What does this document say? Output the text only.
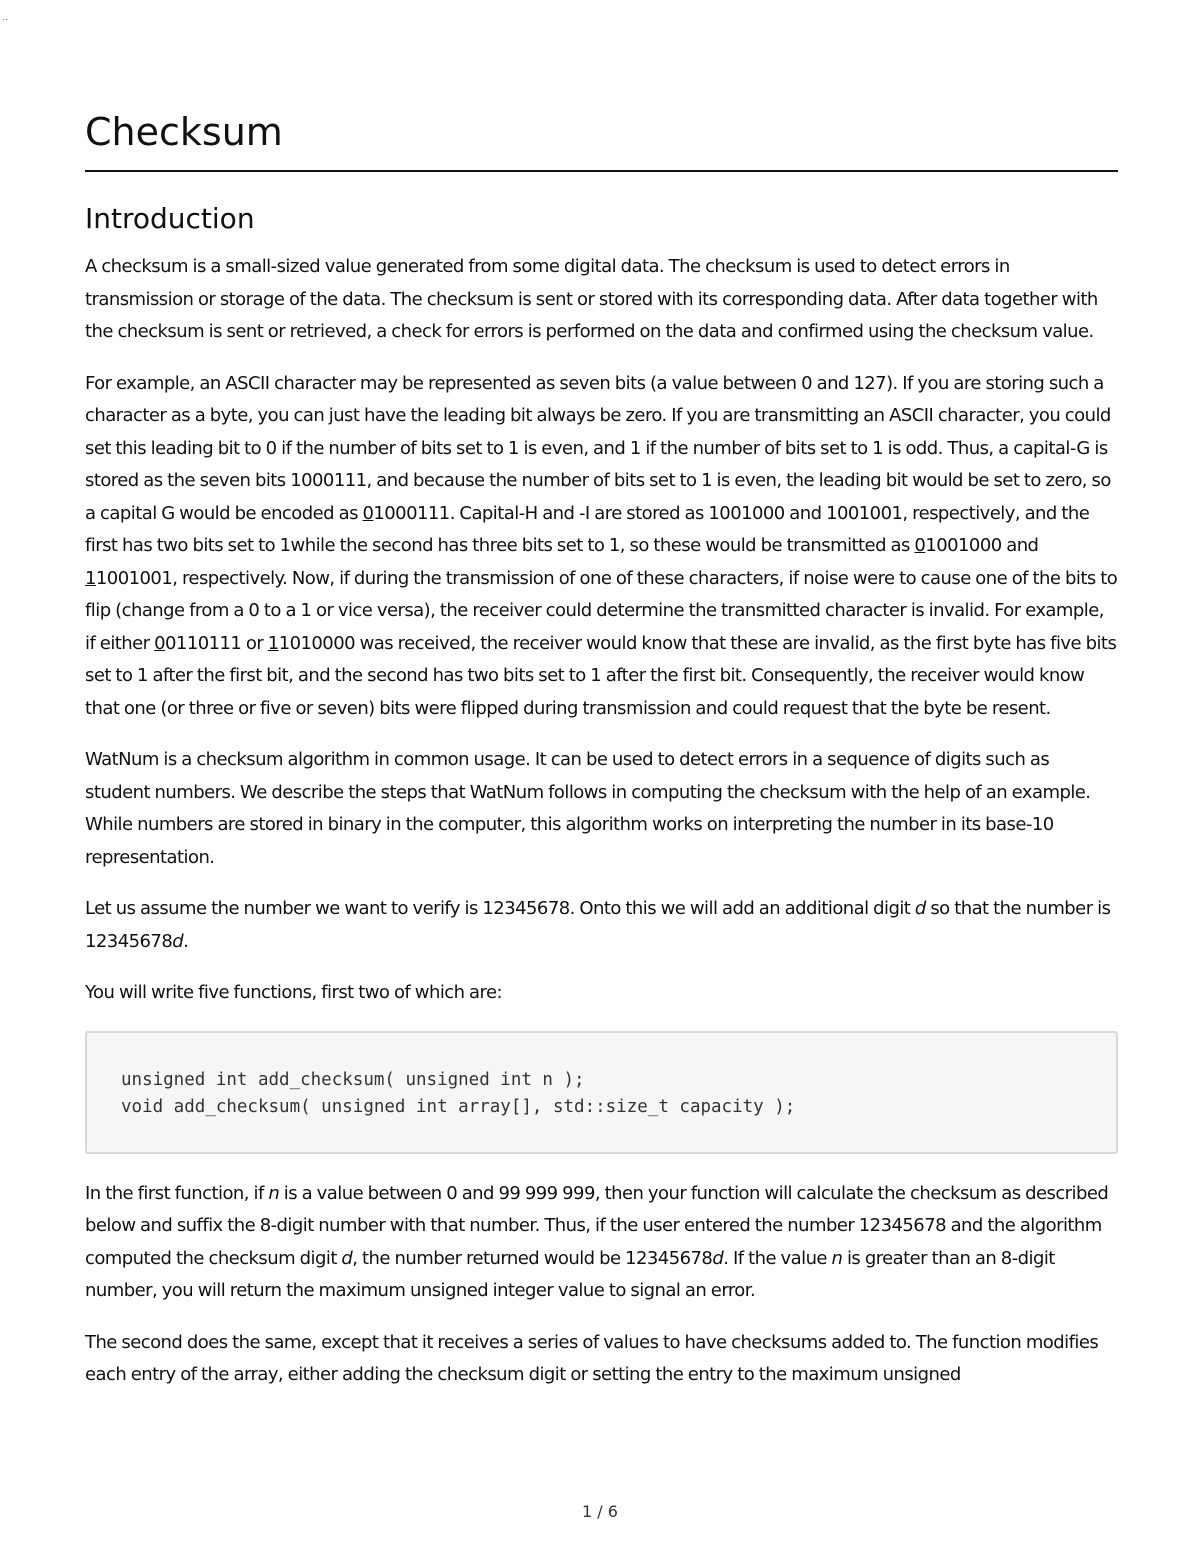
..
Checksum
Introduction

A checksum is a small-sized value generated from some digital data. The checksum is used to detect errors in transmission or storage of the data. The checksum is sent or stored with its corresponding data. After data together with the checksum is sent or retrieved, a check for errors is performed on the data and confirmed using the checksum value.

For example, an ASCII character may be represented as seven bits (a value between 0 and 127). If you are storing such a character as a byte, you can just have the leading bit always be zero. If you are transmitting an ASCII character, you could set this leading bit to 0 if the number of bits set to 1 is even, and 1 if the number of bits set to 1 is odd. Thus, a capital-G is stored as the seven bits 1000111, and because the number of bits set to 1 is even, the leading bit would be set to zero, so a capital G would be encoded as 01000111. Capital-H and -I are stored as 1001000 and 1001001, respectively, and the first has two bits set to 1while the second has three bits set to 1, so these would be transmitted as 01001000 and 11001001, respectively. Now, if during the transmission of one of these characters, if noise were to cause one of the bits to flip (change from a 0 to a 1 or vice versa), the receiver could determine the transmitted character is invalid. For example, if either 00110111 or 11010000 was received, the receiver would know that these are invalid, as the first byte has five bits set to 1 after the first bit, and the second has two bits set to 1 after the first bit. Consequently, the receiver would know that one (or three or five or seven) bits were flipped during transmission and could request that the byte be resent.

WatNum is a checksum algorithm in common usage. It can be used to detect errors in a sequence of digits such as student numbers. We describe the steps that WatNum follows in computing the checksum with the help of an example. While numbers are stored in binary in the computer, this algorithm works on interpreting the number in its base-10 representation.

Let us assume the number we want to verify is 12345678. Onto this we will add an additional digit d so that the number is 12345678d.

You will write five functions, first two of which are:

unsigned int add_checksum( unsigned int n );
void add_checksum( unsigned int array[], std::size_t capacity );

In the first function, if n is a value between 0 and 99 999 999, then your function will calculate the checksum as described below and suffix the 8-digit number with that number. Thus, if the user entered the number 12345678 and the algorithm computed the checksum digit d, the number returned would be 12345678d. If the value n is greater than an 8-digit number, you will return the maximum unsigned integer value to signal an error.

The second does the same, except that it receives a series of values to have checksums added to. The function modifies each entry of the array, either adding the checksum digit or setting the entry to the maximum unsigned

1 / 6
